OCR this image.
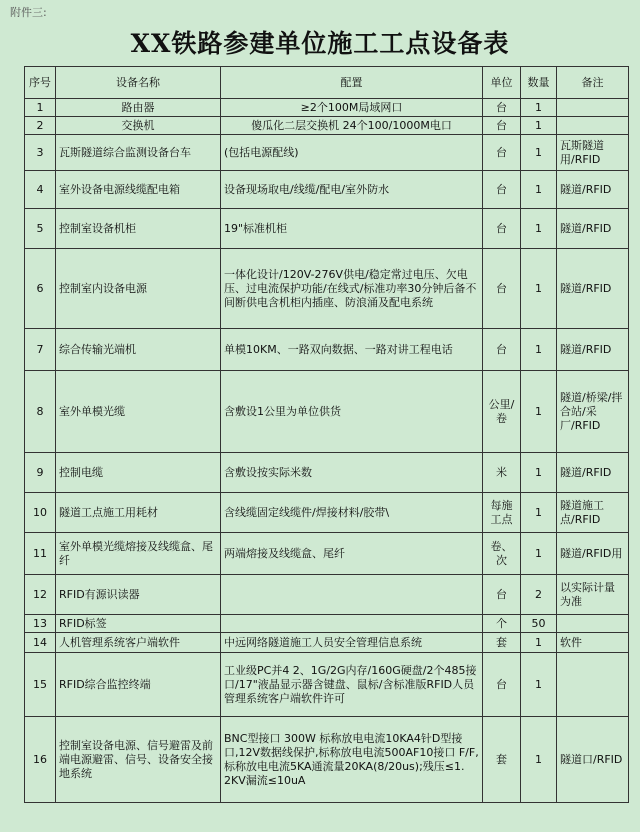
附件三:
XX铁路参建单位施工工点设备表
序号	设备名称	配置	单位	数量	备注
1	路由器	≥2个100M局域网口	台	1	
2	交换机	傻瓜化二层交换机 24个100/1000M电口	台	1	
3	瓦斯隧道综合监测设备台车	(包括电源配线)	台	1	瓦斯隧道用/RFID
4	室外设备电源线缆配电箱	设备现场取电/线缆/配电/室外防水	台	1	隧道/RFID
5	控制室设备机柜	19"标准机柜	台	1	隧道/RFID
6	控制室内设备电源	一体化设计/120V-276V供电/稳定常过电压、欠电压、过电流保护功能/在线式/标准功率30分钟后备不间断供电含机柜内插座、防浪涌及配电系统	台	1	隧道/RFID
7	综合传输光端机	单模10KM、一路双向数据、一路对讲工程电话	台	1	隧道/RFID
8	室外单模光缆	含敷设1公里为单位供货	公里/卷	1	隧道/桥梁/拌合站/采厂/RFID
9	控制电缆	含敷设按实际米数	米	1	隧道/RFID
10	隧道工点施工用耗材	含线缆固定线缆件/焊接材料/胶带\	每施工点	1	隧道施工点/RFID
11	室外单模光缆熔接及线缆盒、尾纤	两端熔接及线缆盒、尾纤	卷、次	1	隧道/RFID用
12	RFID有源识读器		台	2	以实际计量为准
13	RFID标签		个	50	
14	人机管理系统客户端软件	中远网络隧道施工人员安全管理信息系统	套	1	软件
15	RFID综合监控终端	工业级PC并4 2、1G/2G内存/160G硬盘/2个485接口/17"液晶显示器含键盘、鼠标/含标准版RFID人员管理系统客户端软件许可	台	1	
16	控制室设备电源、信号避雷及前端电源避雷、信号、设备安全接地系统	BNC型接口 300W 标称放电电流10KA4针D型接口,12V数据线保护,标称放电电流500AF10接口 F/F, 标称放电电流5KA通流量20KA(8/20us);残压≤1. 2KV漏流≤10uA	套	1	隧道口/RFID
